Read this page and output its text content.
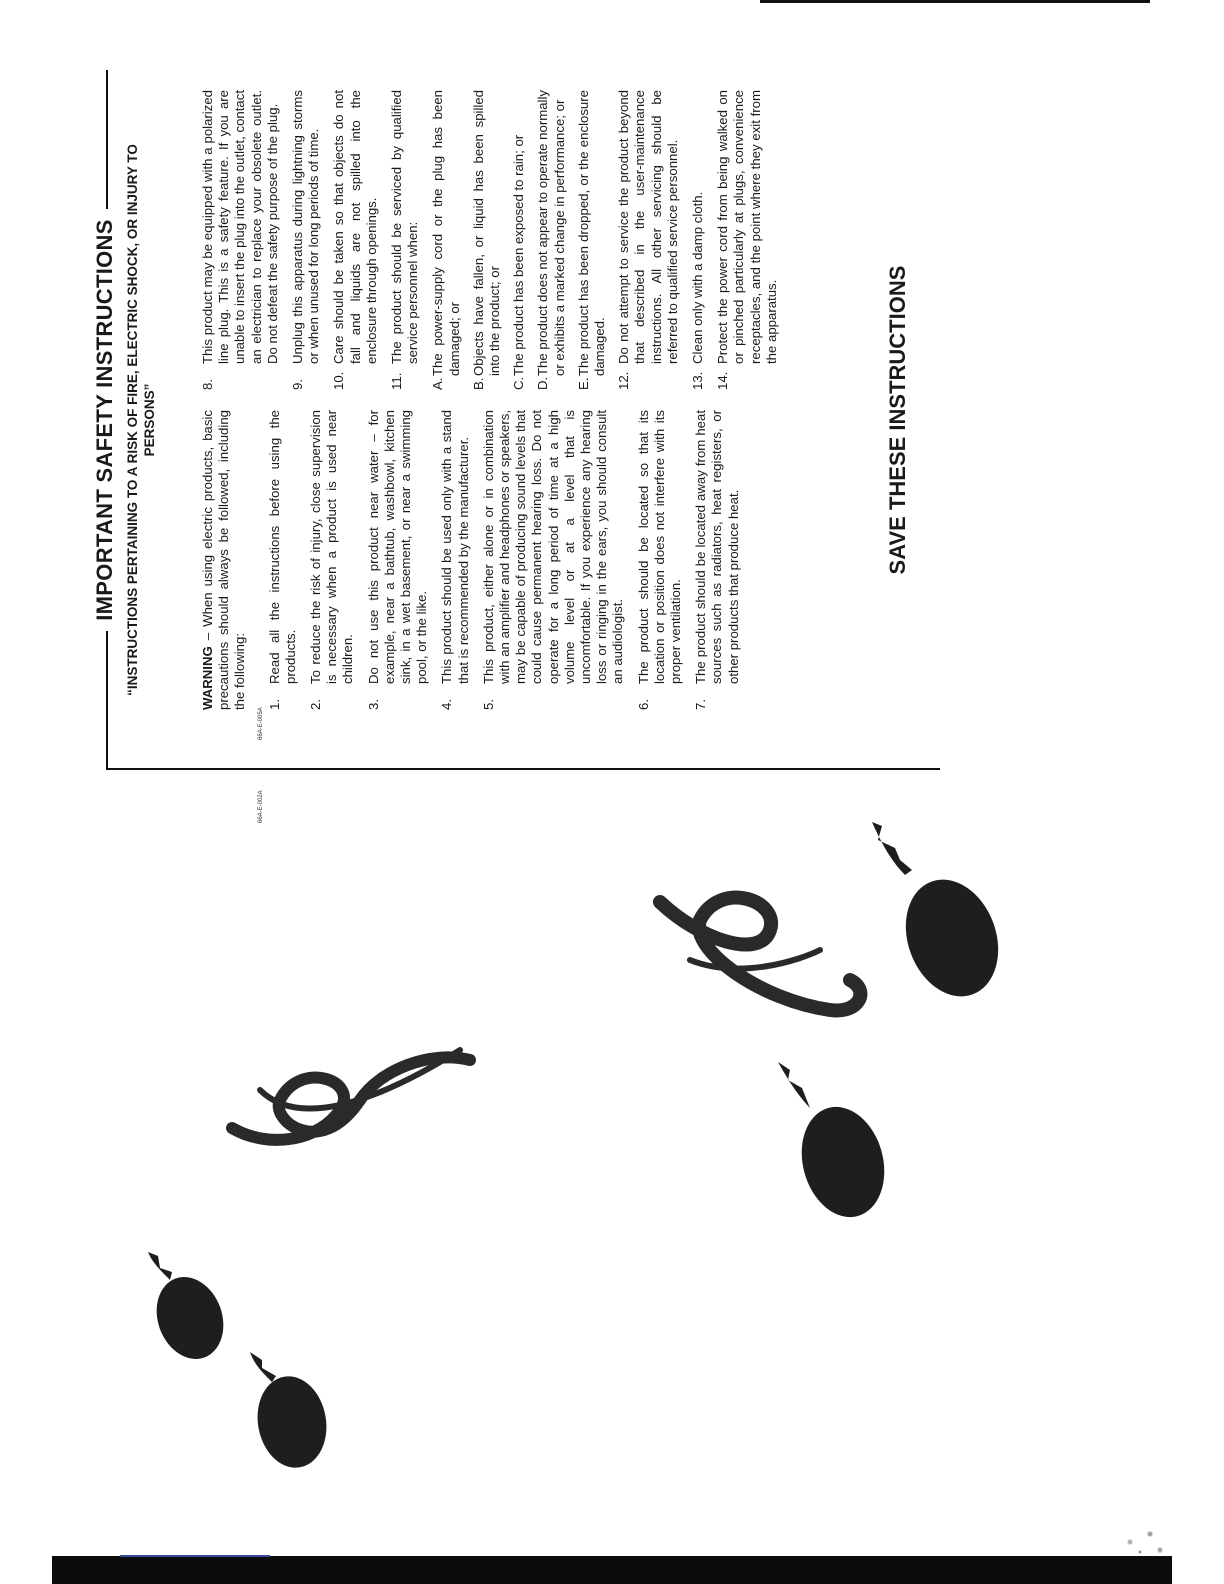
IMPORTANT SAFETY INSTRUCTIONS “INSTRUCTIONS PERTAINING TO A RISK OF FIRE, ELECTRIC SHOCK, OR INJURY TO PERSONS”

WARNING – When using electric products, basic precautions should always be followed, including the following: 1.
Read all the instructions before using the products.
2.
To reduce the risk of injury, close supervision is necessary when a product is used near children.
3.
Do not use this product near water – for example, near a bathtub, washbowl, kitchen sink, in a wet basement, or near a swimming pool, or the like.
4.
This product should be used only with a stand that is recommended by the manufacturer.
5.
This product, either alone or in combination with an amplifier and headphones or speakers, may be capable of producing sound levels that could cause permanent hearing loss. Do not operate for a long period of time at a high volume level or at a level that is uncomfortable. If you experience any hearing loss or ringing in the ears, you should consult an audiologist.
6.
The product should be located so that its location or position does not interfere with its proper ventilation.
7.
The product should be located away from heat sources such as radiators, heat registers, or other products that produce heat.
8.
This product may be equipped with a polarized line plug. This is a safety feature. If you are unable to insert the plug into the outlet, contact an electrician to replace your obsolete outlet. Do not defeat the safety purpose of the plug.
9.
Unplug this apparatus during lightning storms or when unused for long periods of time.
10.
Care should be taken so that objects do not fall and liquids are not spilled into the enclosure through openings.
11.
The product should be serviced by qualified service personnel when:
A.
The power-supply cord or the plug has been damaged; or
B.
Objects have fallen, or liquid has been spilled into the product; or
C.
The product has been exposed to rain; or
D.
The product does not appear to operate normally or exhibits a marked change in performance; or
E.
The product has been dropped, or the enclosure damaged.
12.
Do not attempt to service the product beyond that described in the user-maintenance instructions. All other servicing should be referred to qualified service personnel.
13.
Clean only with a damp cloth.
14.
Protect the power cord from being walked on or pinched particularly at plugs, convenience receptacles, and the point where they exit from the apparatus.	SAVE THESE INSTRUCTIONS
66A-E-005A
66A-E-002A
